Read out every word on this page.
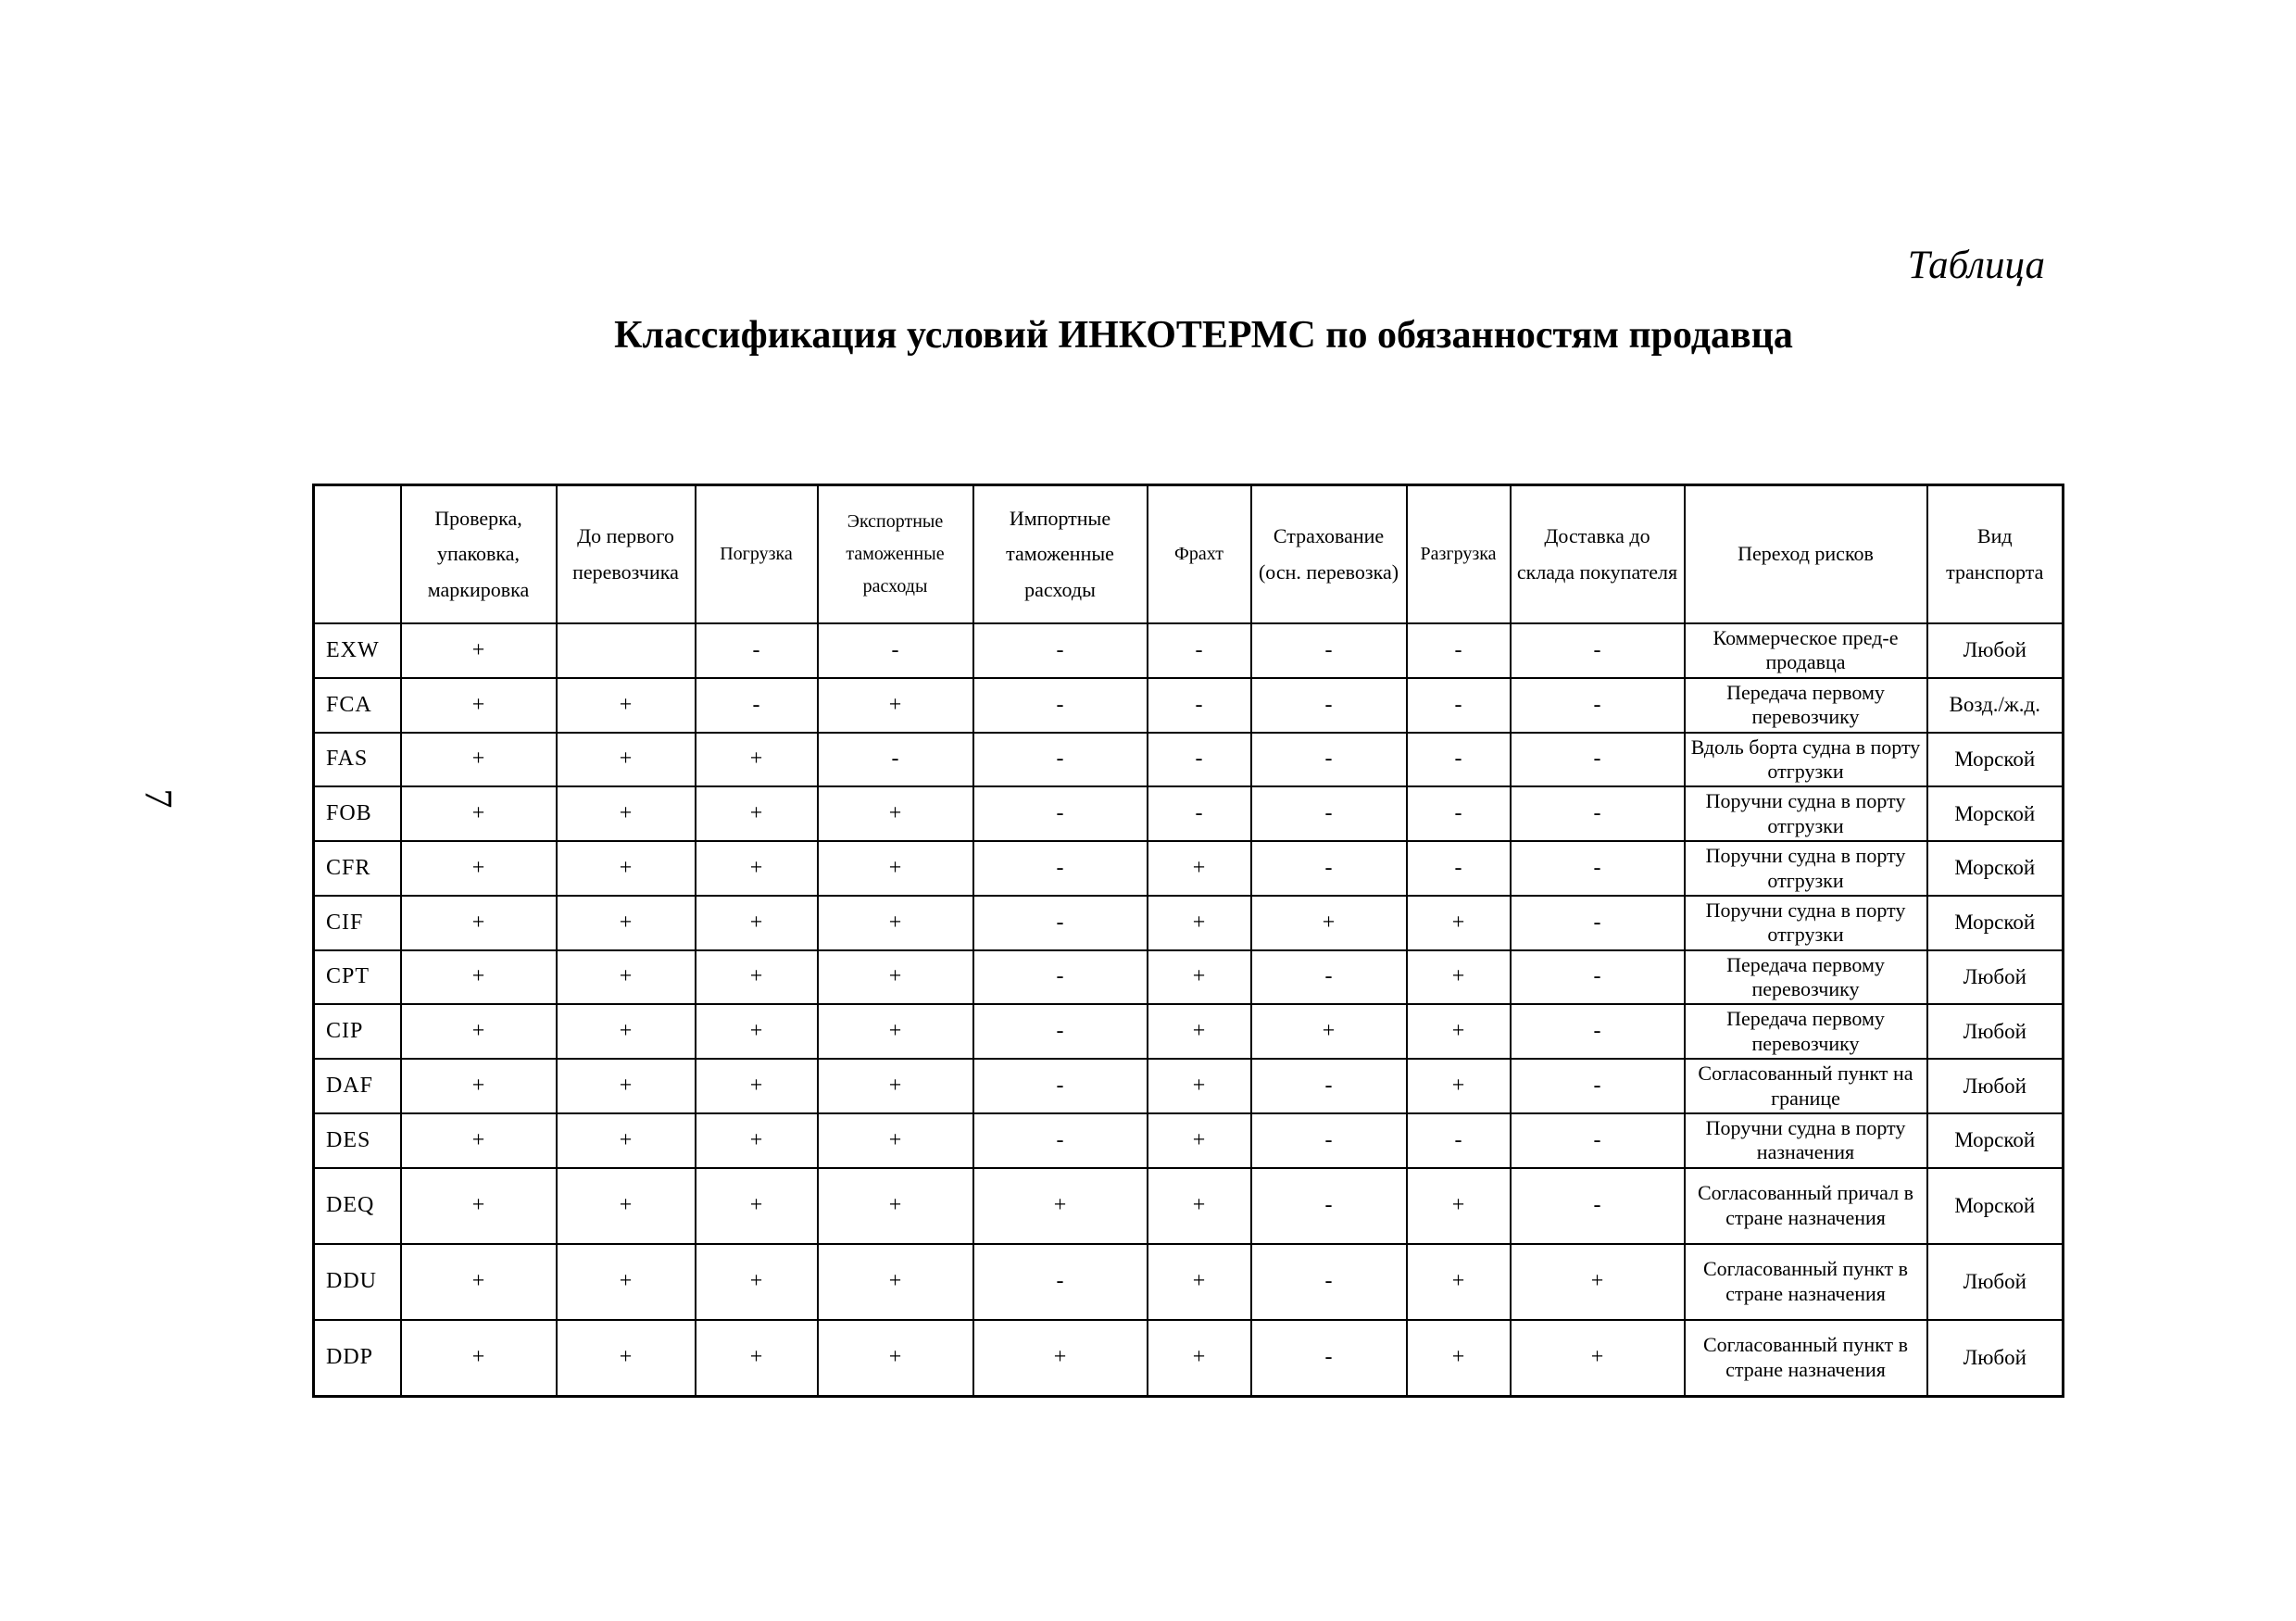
7
Таблица
Классификация условий ИНКОТЕРМС по обязанностям продавца
	Проверка, упаковка, маркировка	До первого перевозчика	Погрузка	Экспортные таможенные расходы	Импортные таможенные расходы	Фрахт	Страхование (осн. перевозка)	Разгрузка	Доставка до склада покупателя	Переход рисков	Вид транспорта
EXW	+		-	-	-	-	-	-	-	Коммерческое пред-е продавца	Любой
FCA	+	+	-	+	-	-	-	-	-	Передача первому перевозчику	Возд./ж.д.
FAS	+	+	+	-	-	-	-	-	-	Вдоль борта судна в порту отгрузки	Морской
FOB	+	+	+	+	-	-	-	-	-	Поручни судна в порту отгрузки	Морской
CFR	+	+	+	+	-	+	-	-	-	Поручни судна в порту отгрузки	Морской
CIF	+	+	+	+	-	+	+	+	-	Поручни судна в порту отгрузки	Морской
CPT	+	+	+	+	-	+	-	+	-	Передача первому перевозчику	Любой
CIP	+	+	+	+	-	+	+	+	-	Передача первому перевозчику	Любой
DAF	+	+	+	+	-	+	-	+	-	Согласованный пункт на границе	Любой
DES	+	+	+	+	-	+	-	-	-	Поручни судна в порту назначения	Морской
DEQ	+	+	+	+	+	+	-	+	-	Согласованный причал в стране назначения	Морской
DDU	+	+	+	+	-	+	-	+	+	Согласованный пункт в стране назначения	Любой
DDP	+	+	+	+	+	+	-	+	+	Согласованный пункт в стране назначения	Любой
